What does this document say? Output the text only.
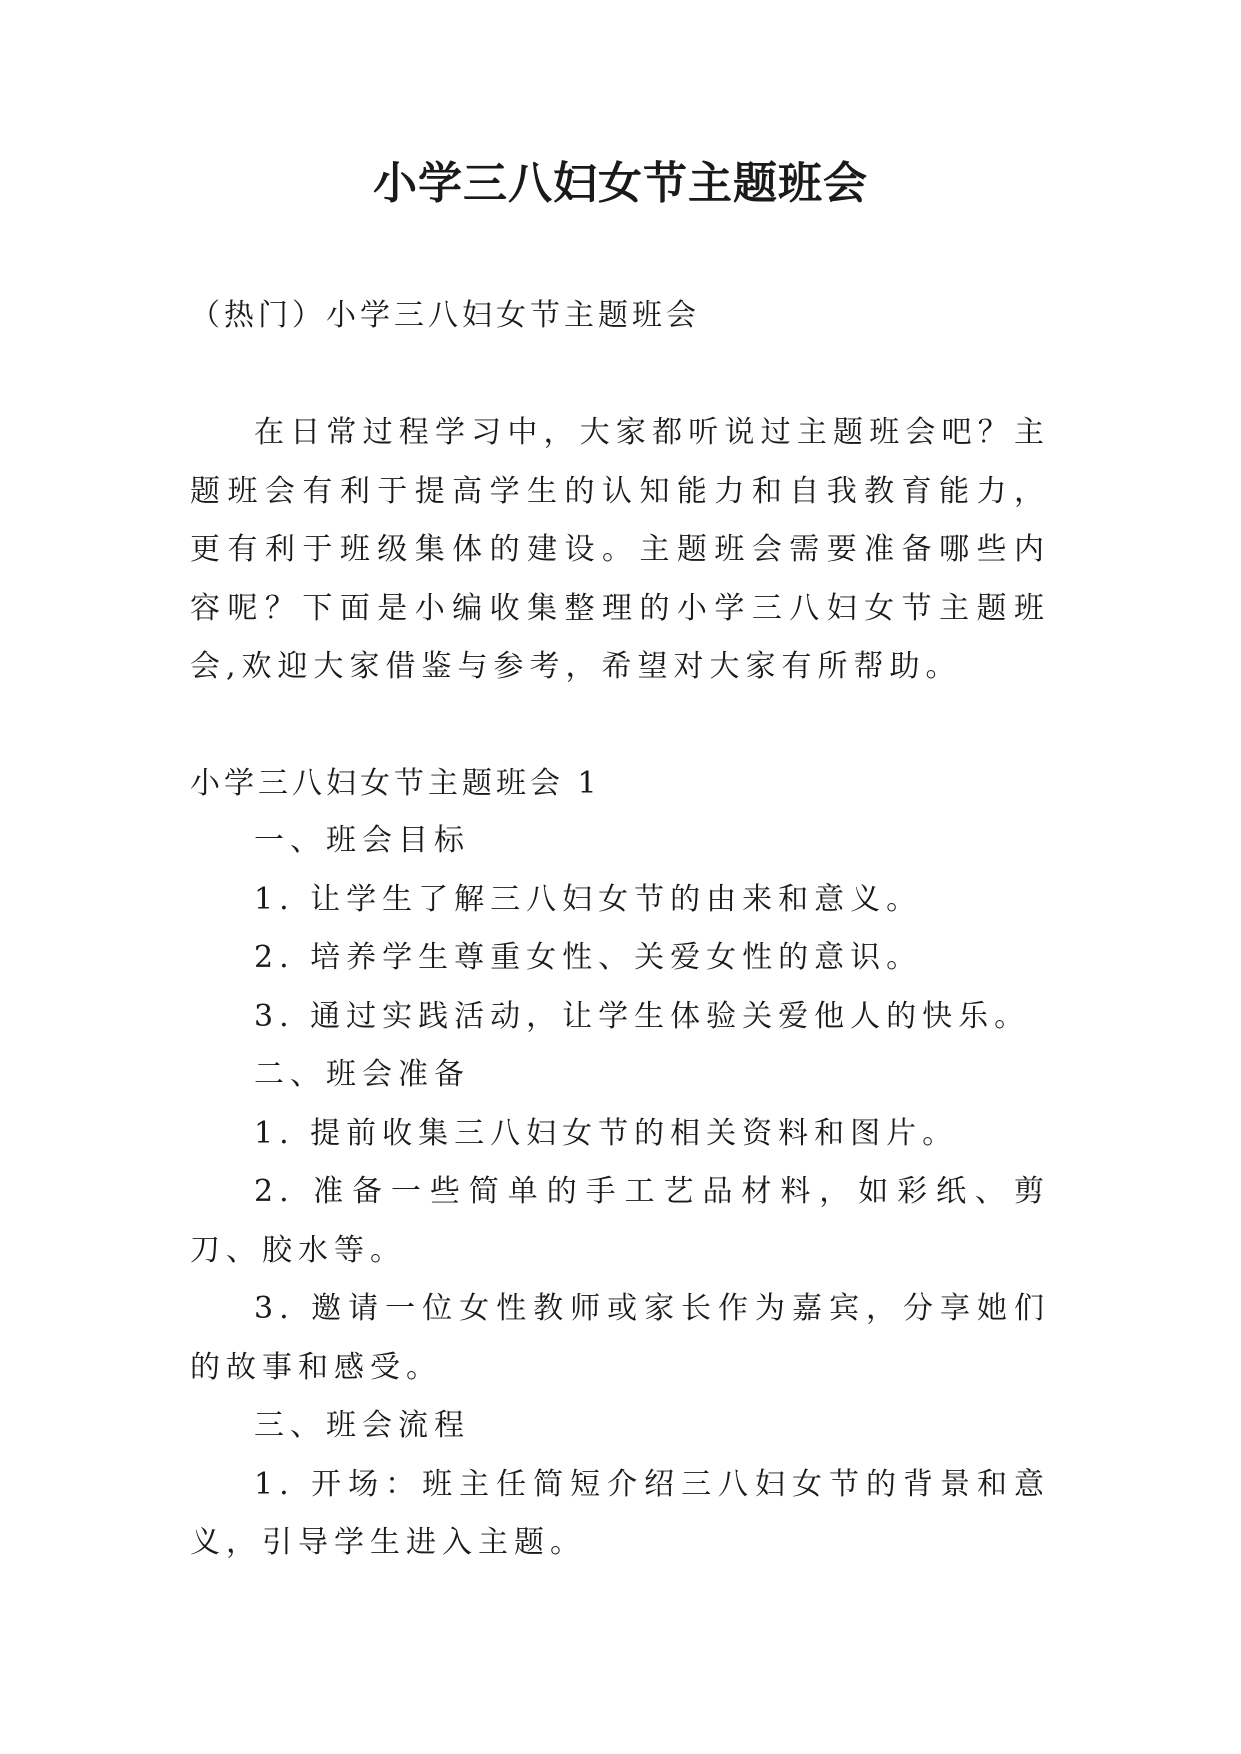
小学三八妇女节主题班会

（热门）小学三八妇女节主题班会

在日常过程学习中，大家都听说过主题班会吧？主题班会有利于提高学生的认知能力和自我教育能力，更有利于班级集体的建设。主题班会需要准备哪些内容呢？下面是小编收集整理的小学三八妇女节主题班会,欢迎大家借鉴与参考，希望对大家有所帮助。

小学三八妇女节主题班会 1

一、班会目标

1. 让学生了解三八妇女节的由来和意义。

2. 培养学生尊重女性、关爱女性的意识。

3. 通过实践活动，让学生体验关爱他人的快乐。

二、班会准备

1. 提前收集三八妇女节的相关资料和图片。

2. 准备一些简单的手工艺品材料，如彩纸、剪刀、胶水等。

3. 邀请一位女性教师或家长作为嘉宾，分享她们的故事和感受。

三、班会流程

1. 开场：班主任简短介绍三八妇女节的背景和意义，引导学生进入主题。
